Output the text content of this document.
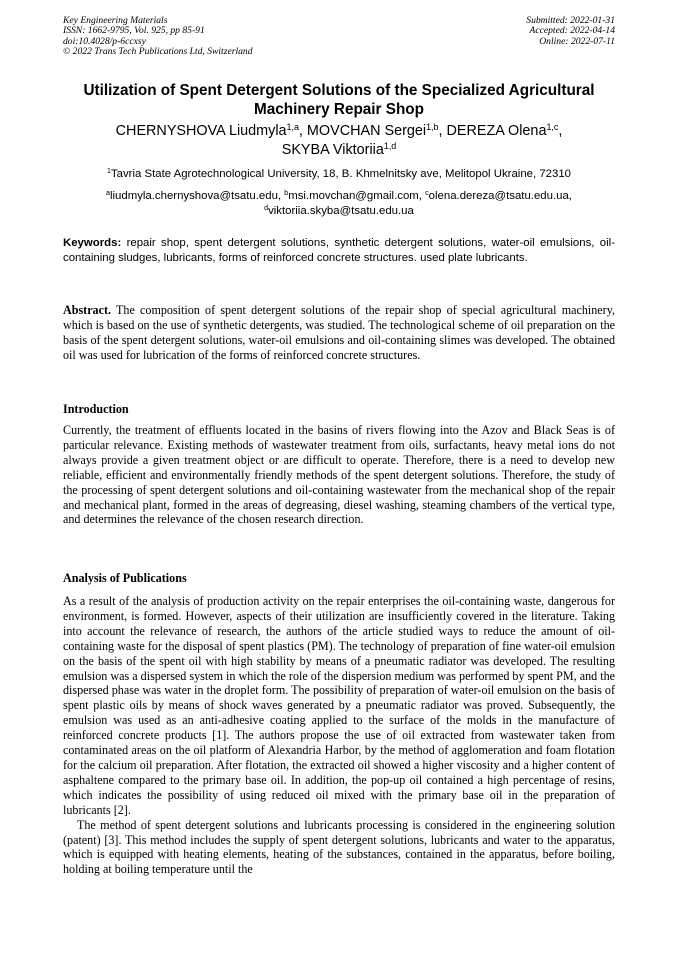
Key Engineering Materials
ISSN: 1662-9795, Vol. 925, pp 85-91
doi:10.4028/p-6ccxsy
© 2022 Trans Tech Publications Ltd, Switzerland
Submitted: 2022-01-31
Accepted: 2022-04-14
Online: 2022-07-11
Utilization of Spent Detergent Solutions of the Specialized Agricultural Machinery Repair Shop
CHERNYSHOVA Liudmyla$^{1,a}$, MOVCHAN Sergei$^{1,b}$, DEREZA Olena$^{1,c}$,
SKYBA Viktoriia$^{1,d}$
$^1$Tavria State Agrotechnological University, 18, B. Khmelnitsky ave, Melitopol Ukraine, 72310
$^a$liudmyla.chernyshova@tsatu.edu, $^b$msi.movchan@gmail.com, $^c$olena.dereza@tsatu.edu.ua,
$^d$viktoriia.skyba@tsatu.edu.ua
Keywords: repair shop, spent detergent solutions, synthetic detergent solutions, water-oil emulsions, oil-containing sludges, lubricants, forms of reinforced concrete structures. used plate lubricants.

Abstract. The composition of spent detergent solutions of the repair shop of special agricultural machinery, which is based on the use of synthetic detergents, was studied. The technological scheme of oil preparation on the basis of the spent detergent solutions, water-oil emulsions and oil-containing slimes was developed. The obtained oil was used for lubrication of the forms of reinforced concrete structures.

Introduction

Currently, the treatment of effluents located in the basins of rivers flowing into the Azov and Black Seas is of particular relevance. Existing methods of wastewater treatment from oils, surfactants, heavy metal ions do not always provide a given treatment object or are difficult to operate. Therefore, there is a need to develop new reliable, efficient and environmentally friendly methods of the spent detergent solutions. Therefore, the study of the processing of spent detergent solutions and oil-containing wastewater from the mechanical shop of the repair and mechanical plant, formed in the areas of degreasing, diesel washing, steaming chambers of the vertical type, and determines the relevance of the chosen research direction.

Analysis of Publications

As a result of the analysis of production activity on the repair enterprises the oil-containing waste, dangerous for environment, is formed. However, aspects of their utilization are insufficiently covered in the literature. Taking into account the relevance of research, the authors of the article studied ways to reduce the amount of oil-containing waste for the disposal of spent plastics (PM). The technology of preparation of fine water-oil emulsion on the basis of the spent oil with high stability by means of a pneumatic radiator was developed. The resulting emulsion was a dispersed system in which the role of the dispersion medium was performed by spent PM, and the dispersed phase was water in the droplet form. The possibility of preparation of water-oil emulsion on the basis of spent plastic oils by means of shock waves generated by a pneumatic radiator was proved. Subsequently, the emulsion was used as an anti-adhesive coating applied to the surface of the molds in the manufacture of reinforced concrete products [1]. The authors propose the use of oil extracted from wastewater taken from contaminated areas on the oil platform of Alexandria Harbor, by the method of agglomeration and foam flotation for the calcium oil preparation. After flotation, the extracted oil showed a higher viscosity and a higher content of asphaltene compared to the primary base oil. In addition, the pop-up oil contained a high percentage of resins, which indicates the possibility of using reduced oil mixed with the primary base oil in the preparation of lubricants [2].

The method of spent detergent solutions and lubricants processing is considered in the engineering solution (patent) [3]. This method includes the supply of spent detergent solutions, lubricants and water to the apparatus, which is equipped with heating elements, heating of the substances, contained in the apparatus, before boiling, holding at boiling temperature until the
